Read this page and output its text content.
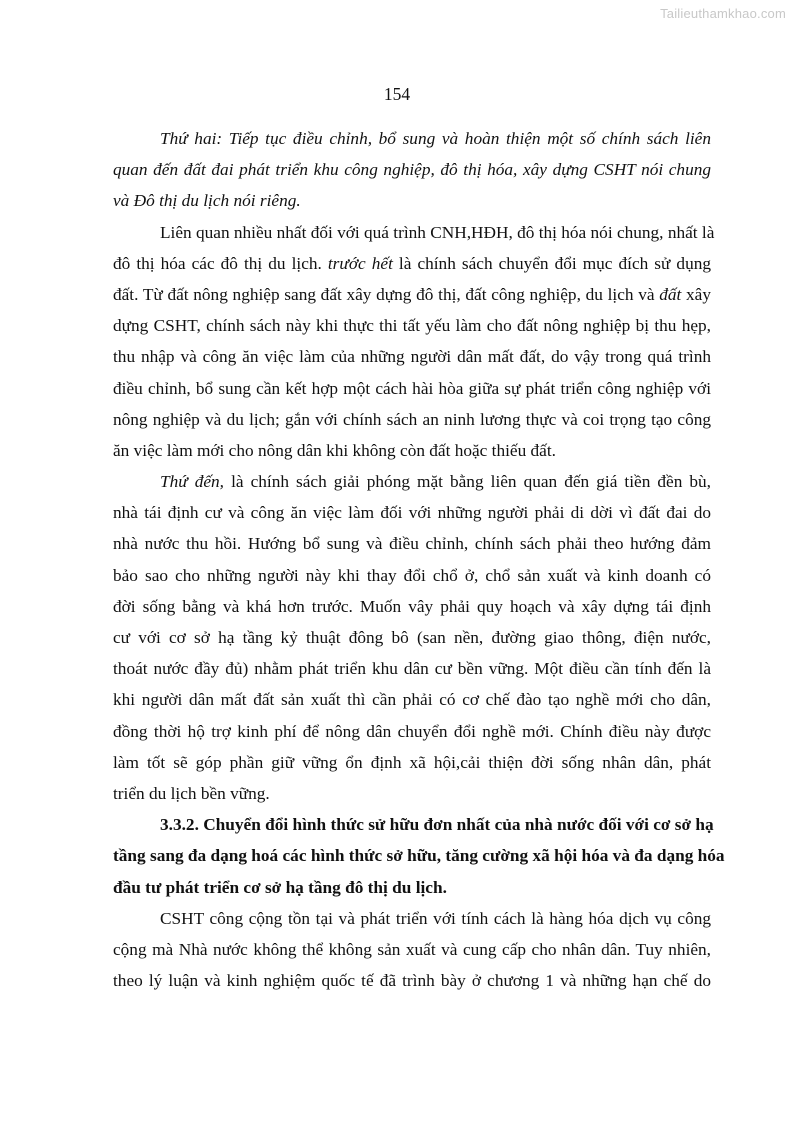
Tailieuthamkhao.com
154
Thứ hai: Tiếp tục điều chỉnh, bổ sung và hoàn thiện một số chính sách liên
quan đến đất đai phát triển khu công nghiệp, đô thị hóa, xây dựng CSHT nói chung
và Đô thị du lịch nói riêng.
Liên quan nhiều nhất đối với quá trình CNH,HĐH, đô thị hóa nói chung, nhất là
đô thị hóa các đô thị du lịch. trước hết là chính sách chuyển đổi mục đích sử dụng
đất. Từ đất nông nghiệp sang đất xây dựng đô thị, đất công nghiệp, du lịch và đất xây
dựng CSHT, chính sách này khi thực thi tất yếu làm cho đất nông nghiệp bị thu hẹp,
thu nhập và công ăn việc làm của những người dân mất đất, do vậy trong quá trình
điều chỉnh, bổ sung cần kết hợp một cách hài hòa giữa sự phát triển công nghiệp với
nông nghiệp và du lịch; gắn với chính sách an ninh lương thực và coi trọng tạo công
ăn việc làm mới cho nông dân khi không còn đất hoặc thiếu đất.
Thứ đến, là chính sách giải phóng mặt bằng liên quan đến giá tiền đền bù,
nhà tái định cư và công ăn việc làm đối với những người phải di dời vì đất đai do
nhà nước thu hồi. Hướng bổ sung và điều chỉnh, chính sách phải theo hướng đảm
bảo sao cho những người này khi thay đổi chổ ở, chổ sản xuất và kinh doanh có
đời sống bằng và khá hơn trước. Muốn vây phải quy hoạch và xây dựng tái định
cư với cơ sở hạ tầng kỷ thuật đông bô (san nền, đường giao thông, điện nước,
thoát nước đầy đủ) nhằm phát triển khu dân cư bền vững. Một điều cần tính đến là
khi người dân mất đất sản xuất thì cần phải có cơ chế đào tạo nghề mới cho dân,
đồng thời hộ trợ kinh phí để nông dân chuyển đổi nghề mới. Chính điều này được
làm tốt sẽ góp phần giữ vững ổn định xã hội,cải thiện đời sống nhân dân, phát
triển du lịch bền vững.
3.3.2. Chuyển đổi hình thức sử hữu đơn nhất của nhà nước đối với cơ sở hạ
tầng sang đa dạng hoá các hình thức sở hữu, tăng cường xã hội hóa và đa dạng hóa
đầu tư phát triển cơ sở hạ tầng đô thị du lịch.
CSHT công cộng tồn tại và phát triển với tính cách là hàng hóa dịch vụ công
cộng mà Nhà nước không thể không sản xuất và cung cấp cho nhân dân. Tuy nhiên,
theo lý luận và kinh nghiệm quốc tế đã trình bày ở chương 1 và những hạn chế do
